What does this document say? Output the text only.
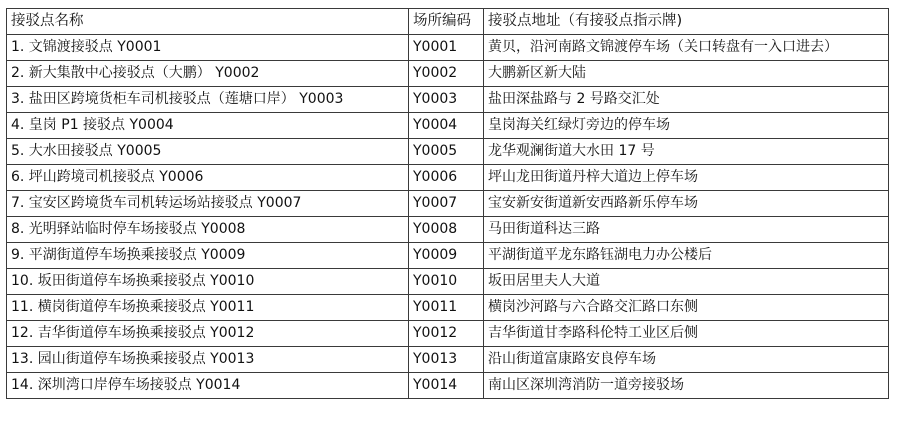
接驳点名称	场所编码	接驳点地址（有接驳点指示牌)
1. 文锦渡接驳点 Y0001	Y0001	黄贝，沿河南路文锦渡停车场（关口转盘有一入口进去）
2. 新大集散中心接驳点（大鹏） Y0002	Y0002	大鹏新区新大陆
3. 盐田区跨境货柜车司机接驳点（莲塘口岸） Y0003	Y0003	盐田深盐路与 2 号路交汇处
4. 皇岗 P1 接驳点 Y0004	Y0004	皇岗海关红绿灯旁边的停车场
5. 大水田接驳点 Y0005	Y0005	龙华观澜街道大水田 17 号
6. 坪山跨境司机接驳点 Y0006	Y0006	坪山龙田街道丹梓大道边上停车场
7. 宝安区跨境货车司机转运场站接驳点 Y0007	Y0007	宝安新安街道新安西路新乐停车场
8. 光明驿站临时停车场接驳点 Y0008	Y0008	马田街道科达三路
9. 平湖街道停车场换乘接驳点 Y0009	Y0009	平湖街道平龙东路钰湖电力办公楼后
10. 坂田街道停车场换乘接驳点 Y0010	Y0010	坂田居里夫人大道
11. 横岗街道停车场换乘接驳点 Y0011	Y0011	横岗沙河路与六合路交汇路口东侧
12. 吉华街道停车场换乘接驳点 Y0012	Y0012	吉华街道甘李路科伦特工业区后侧
13. 园山街道停车场换乘接驳点 Y0013	Y0013	沿山街道富康路安良停车场
14. 深圳湾口岸停车场接驳点 Y0014	Y0014	南山区深圳湾消防一道旁接驳场
